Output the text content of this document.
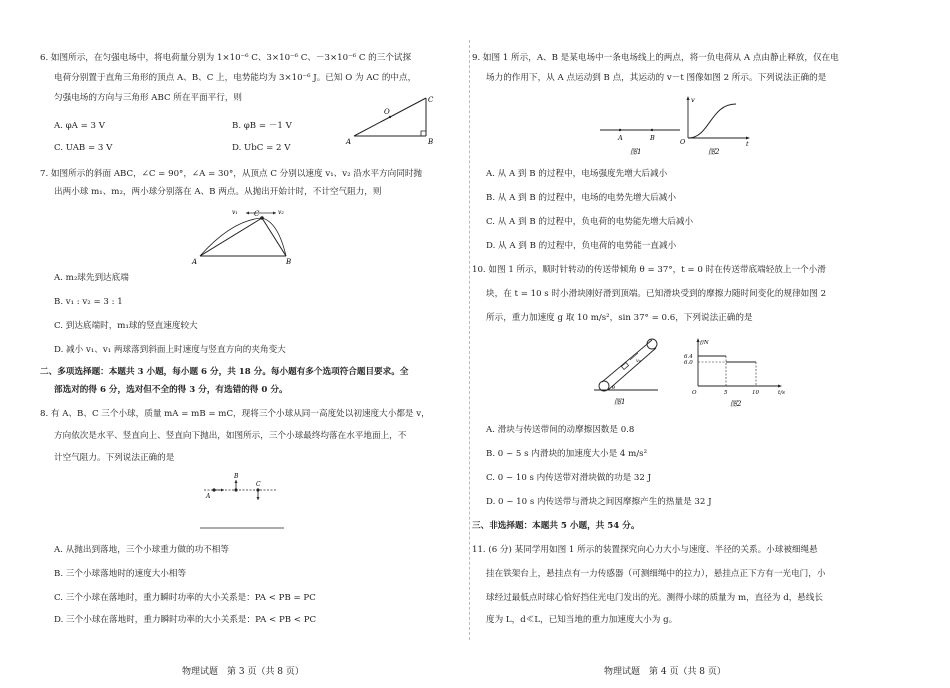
6. 如图所示，在匀强电场中，将电荷量分别为 1×10⁻⁶ C、3×10⁻⁶ C、－3×10⁻⁶ C 的三个试探
电荷分别置于直角三角形的顶点 A、B、C 上，电势能均为 3×10⁻⁶ J。已知 O 为 AC 的中点，
匀强电场的方向与三角形 ABC 所在平面平行，则
A. φA = 3 V	B. φB = －1 V
C. UAB = 3 V	D. UbC = 2 V
A	B
C
O
7. 如图所示的斜面 ABC，∠C = 90°，∠A = 30°，从顶点 C 分别以速度 v₁、v₂ 沿水平方向同时抛
出两小球 m₁、m₂，两小球分别落在 A、B 两点。从抛出开始计时，不计空气阻力，则
A	B
C
v₁	v₂
A. m₂球先到达底端
B. v₁ : v₂ = 3 : 1
C. 到达底端时，m₁球的竖直速度较大
D. 减小 v₁、v₁ 两球落到斜面上时速度与竖直方向的夹角变大
二、多项选择题：本题共 3 小题，每小题 6 分，共 18 分。每小题有多个选项符合题目要求。全
部选对的得 6 分，选对但不全的得 3 分，有选错的得 0 分。
8. 有 A、B、C 三个小球，质量 mA = mB = mC，现将三个小球从同一高度处以初速度大小都是 v，
方向依次是水平、竖直向上、竖直向下抛出，如图所示，三个小球最终均落在水平地面上，不
计空气阻力。下列说法正确的是
A
B
C
A. 从抛出到落地，三个小球重力做的功不相等
B. 三个小球落地时的速度大小相等
C. 三个小球在落地时，重力瞬时功率的大小关系是：PA < PB = PC
D. 三个小球在落地时，重力瞬时功率的大小关系是：PA < PB < PC
物理试题　第 3 页（共 8 页）
9. 如图 1 所示，A、B 是某电场中一条电场线上的两点，将一负电荷从 A 点由静止释放，仅在电
场力的作用下，从 A 点运动到 B 点，其运动的 v－t 图像如图 2 所示。下列说法正确的是
A	B
图1
v
t
O
图2
A. 从 A 到 B 的过程中，电场强度先增大后减小
B. 从 A 到 B 的过程中，电场的电势先增大后减小
C. 从 A 到 B 的过程中，负电荷的电势能先增大后减小
D. 从 A 到 B 的过程中，负电荷的电势能一直减小
10. 如图 1 所示，顺时针转动的传送带倾角 θ = 37°，t = 0 时在传送带底端轻放上一个小滑
块，在 t = 10 s 时小滑块刚好滑到顶端。已知滑块受到的摩擦力随时间变化的规律如图 2
所示，重力加速度 g 取 10 m/s²，sin 37° = 0.6，下列说法正确的是
v₀
θ
图1
f/N
6.4
6.0
5	10	t/s
O
图2
A. 滑块与传送带间的动摩擦因数是 0.8
B. 0 ~ 5 s 内滑块的加速度大小是 4 m/s²
C. 0 ~ 10 s 内传送带对滑块做的功是 32 J
D. 0 ~ 10 s 内传送带与滑块之间因摩擦产生的热量是 32 J
三、非选择题：本题共 5 小题，共 54 分。
11. (6 分) 某同学用如图 1 所示的装置探究向心力大小与速度、半径的关系。小球被细绳悬
挂在铁架台上，悬挂点有一力传感器（可测细绳中的拉力），悬挂点正下方有一光电门，小
球经过最低点时球心恰好挡住光电门发出的光。测得小球的质量为 m，直径为 d，悬线长
度为 L，d≪L，已知当地的重力加速度大小为 g。
物理试题　第 4 页（共 8 页）
